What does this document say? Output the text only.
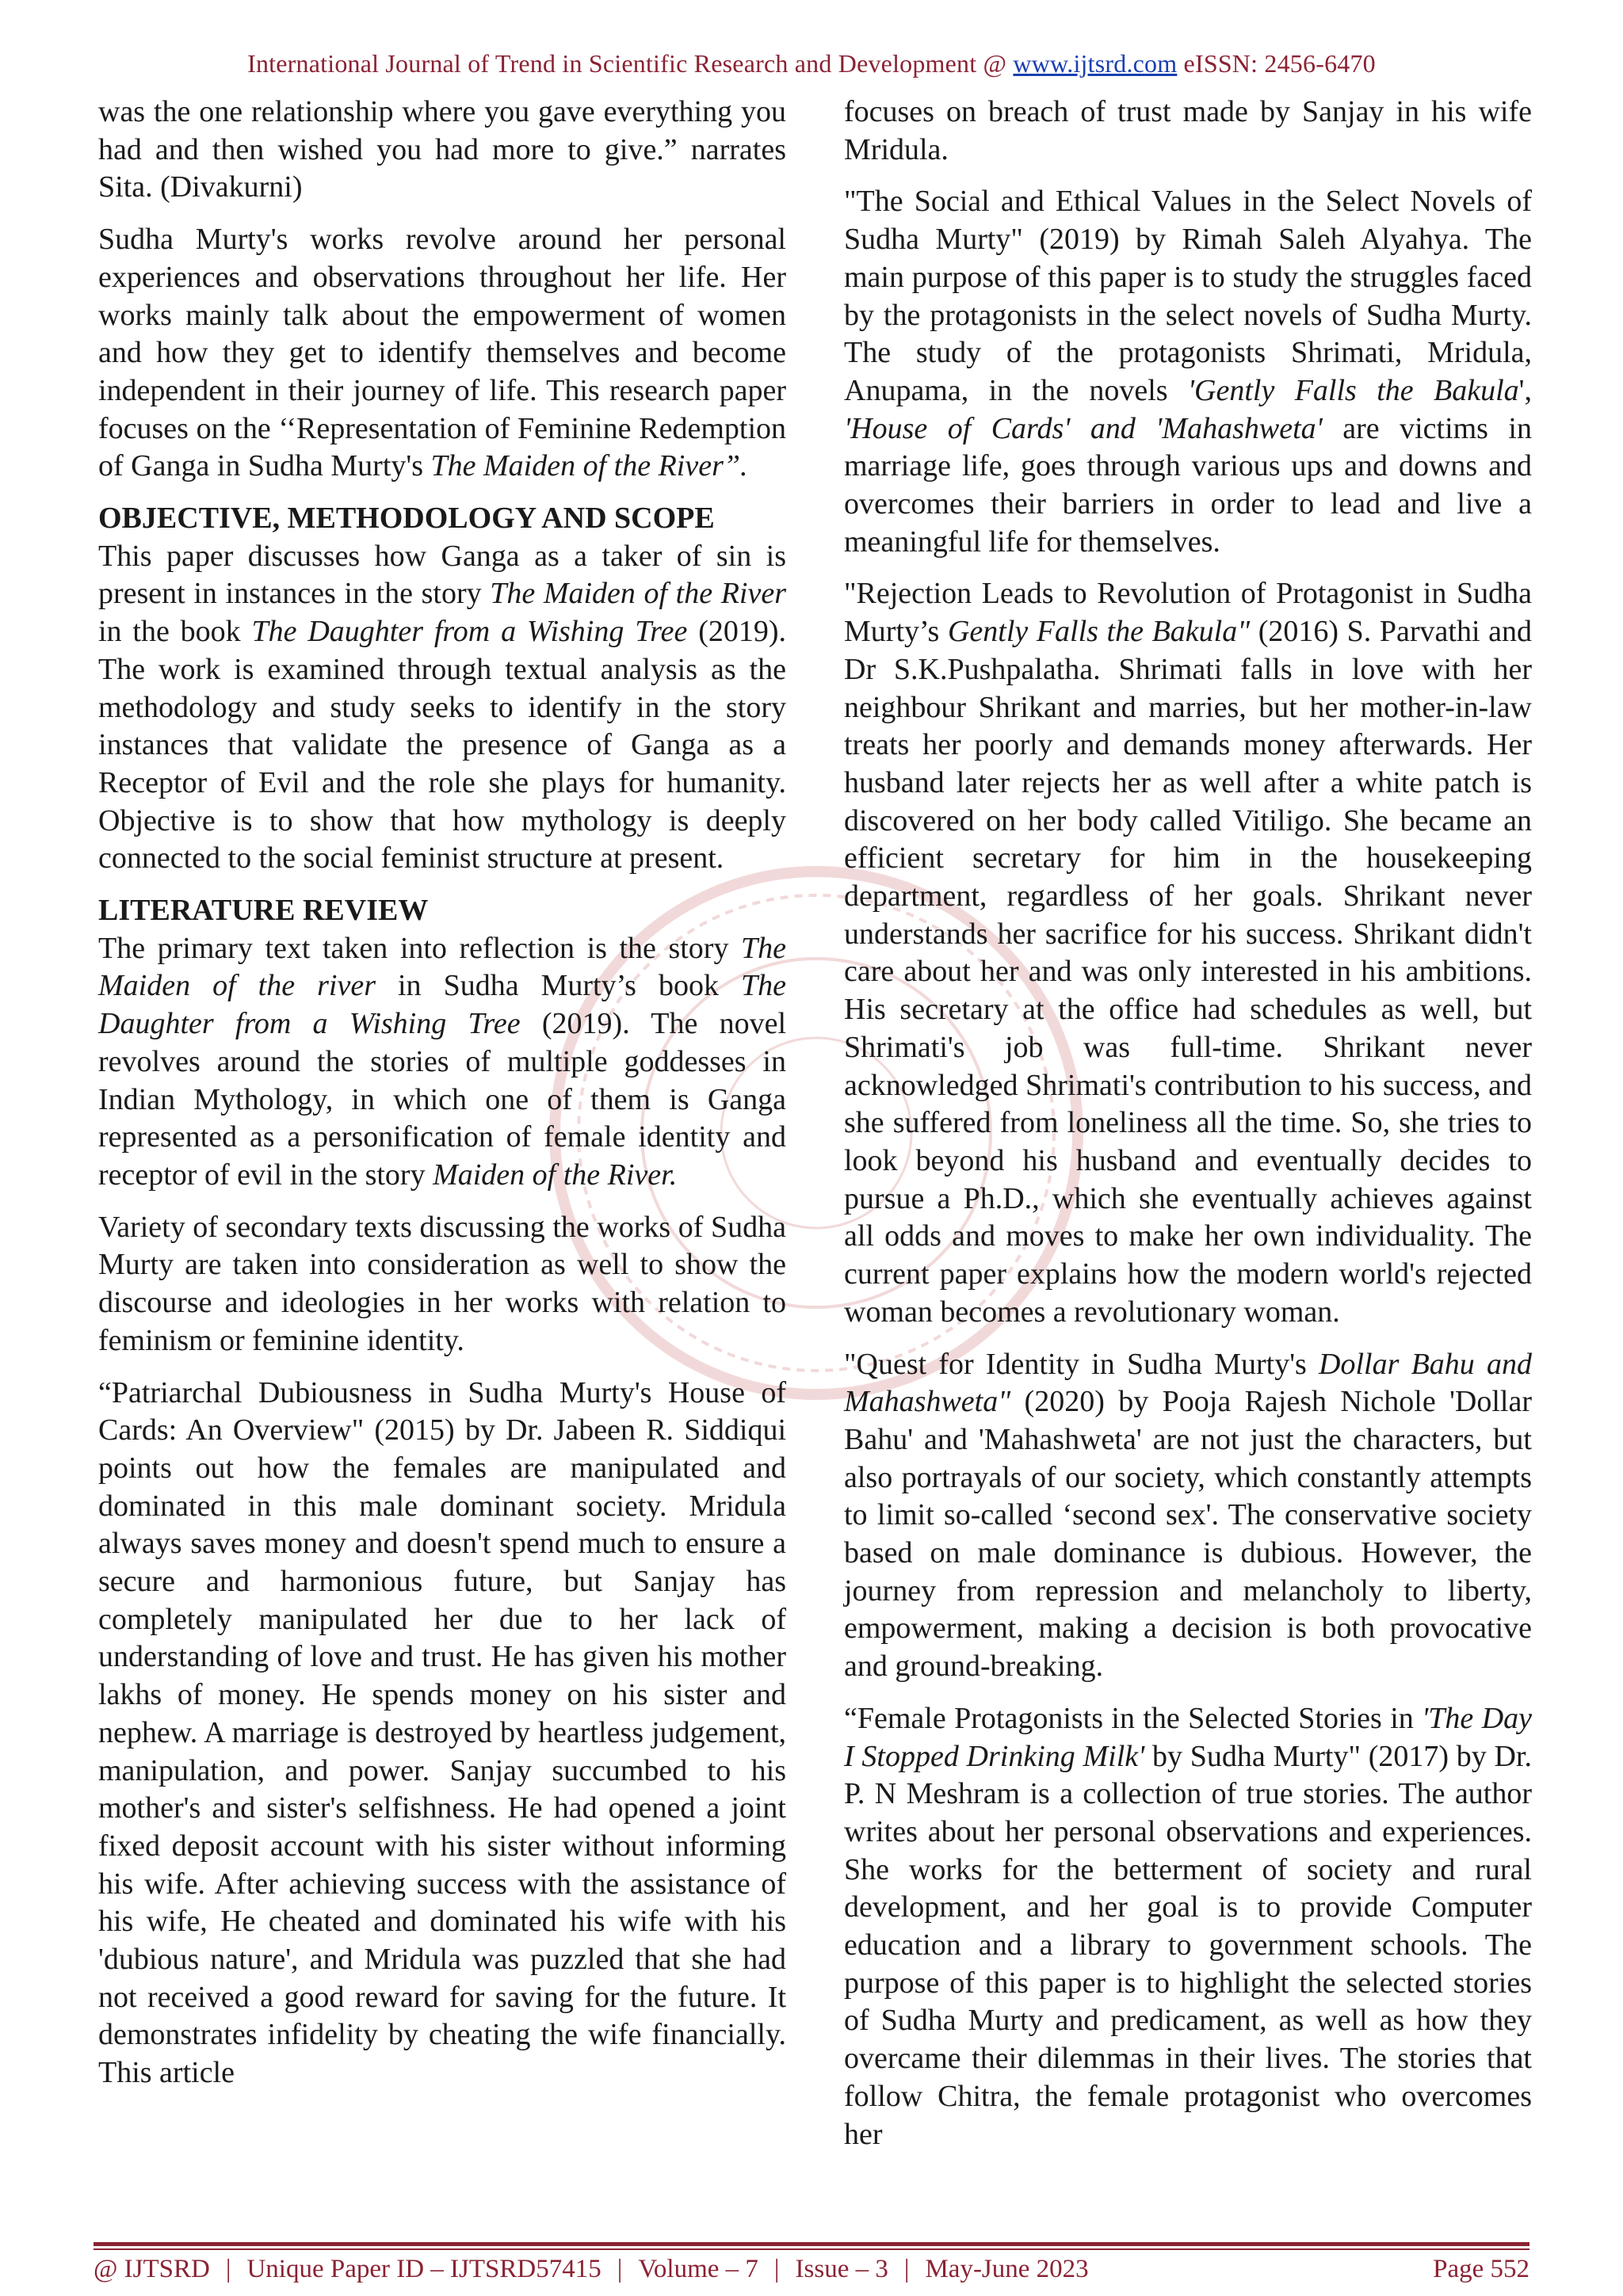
International Journal of Trend in Scientific Research and Development @ www.ijtsrd.com eISSN: 2456-6470

was the one relationship where you gave everything you had and then wished you had more to give.” narrates Sita. (Divakurni)

Sudha Murty's works revolve around her personal experiences and observations throughout her life. Her works mainly talk about the empowerment of women and how they get to identify themselves and become independent in their journey of life. This research paper focuses on the ‘‘Representation of Feminine Redemption of Ganga in Sudha Murty's The Maiden of the River”.

OBJECTIVE, METHODOLOGY AND SCOPE

This paper discusses how Ganga as a taker of sin is present in instances in the story The Maiden of the River in the book The Daughter from a Wishing Tree (2019). The work is examined through textual analysis as the methodology and study seeks to identify in the story instances that validate the presence of Ganga as a Receptor of Evil and the role she plays for humanity. Objective is to show that how mythology is deeply connected to the social feminist structure at present.

LITERATURE REVIEW

The primary text taken into reflection is the story The Maiden of the river in Sudha Murty’s book The Daughter from a Wishing Tree (2019). The novel revolves around the stories of multiple goddesses in Indian Mythology, in which one of them is Ganga represented as a personification of female identity and receptor of evil in the story Maiden of the River.

Variety of secondary texts discussing the works of Sudha Murty are taken into consideration as well to show the discourse and ideologies in her works with relation to feminism or feminine identity.

“Patriarchal Dubiousness in Sudha Murty's House of Cards: An Overview" (2015) by Dr. Jabeen R. Siddiqui points out how the females are manipulated and dominated in this male dominant society. Mridula always saves money and doesn't spend much to ensure a secure and harmonious future, but Sanjay has completely manipulated her due to her lack of understanding of love and trust. He has given his mother lakhs of money. He spends money on his sister and nephew. A marriage is destroyed by heartless judgement, manipulation, and power. Sanjay succumbed to his mother's and sister's selfishness. He had opened a joint fixed deposit account with his sister without informing his wife. After achieving success with the assistance of his wife, He cheated and dominated his wife with his 'dubious nature', and Mridula was puzzled that she had not received a good reward for saving for the future. It demonstrates infidelity by cheating the wife financially. This article

focuses on breach of trust made by Sanjay in his wife Mridula.

"The Social and Ethical Values in the Select Novels of Sudha Murty" (2019) by Rimah Saleh Alyahya. The main purpose of this paper is to study the struggles faced by the protagonists in the select novels of Sudha Murty. The study of the protagonists Shrimati, Mridula, Anupama, in the novels 'Gently Falls the Bakula', 'House of Cards' and 'Mahashweta' are victims in marriage life, goes through various ups and downs and overcomes their barriers in order to lead and live a meaningful life for themselves.

"Rejection Leads to Revolution of Protagonist in Sudha Murty’s Gently Falls the Bakula" (2016) S. Parvathi and Dr S.K.Pushpalatha. Shrimati falls in love with her neighbour Shrikant and marries, but her mother-in-law treats her poorly and demands money afterwards. Her husband later rejects her as well after a white patch is discovered on her body called Vitiligo. She became an efficient secretary for him in the housekeeping department, regardless of her goals. Shrikant never understands her sacrifice for his success. Shrikant didn't care about her and was only interested in his ambitions. His secretary at the office had schedules as well, but Shrimati's job was full-time. Shrikant never acknowledged Shrimati's contribution to his success, and she suffered from loneliness all the time. So, she tries to look beyond his husband and eventually decides to pursue a Ph.D., which she eventually achieves against all odds and moves to make her own individuality. The current paper explains how the modern world's rejected woman becomes a revolutionary woman.

"Quest for Identity in Sudha Murty's Dollar Bahu and Mahashweta" (2020) by Pooja Rajesh Nichole 'Dollar Bahu' and 'Mahashweta' are not just the characters, but also portrayals of our society, which constantly attempts to limit so-called ‘second sex'. The conservative society based on male dominance is dubious. However, the journey from repression and melancholy to liberty, empowerment, making a decision is both provocative and ground-breaking.

“Female Protagonists in the Selected Stories in 'The Day I Stopped Drinking Milk' by Sudha Murty" (2017) by Dr. P. N Meshram is a collection of true stories. The author writes about her personal observations and experiences. She works for the betterment of society and rural development, and her goal is to provide Computer education and a library to government schools. The purpose of this paper is to highlight the selected stories of Sudha Murty and predicament, as well as how they overcame their dilemmas in their lives. The stories that follow Chitra, the female protagonist who overcomes her

@ IJTSRD | Unique Paper ID – IJTSRD57415 | Volume – 7 | Issue – 3 | May-June 2023	Page 552
